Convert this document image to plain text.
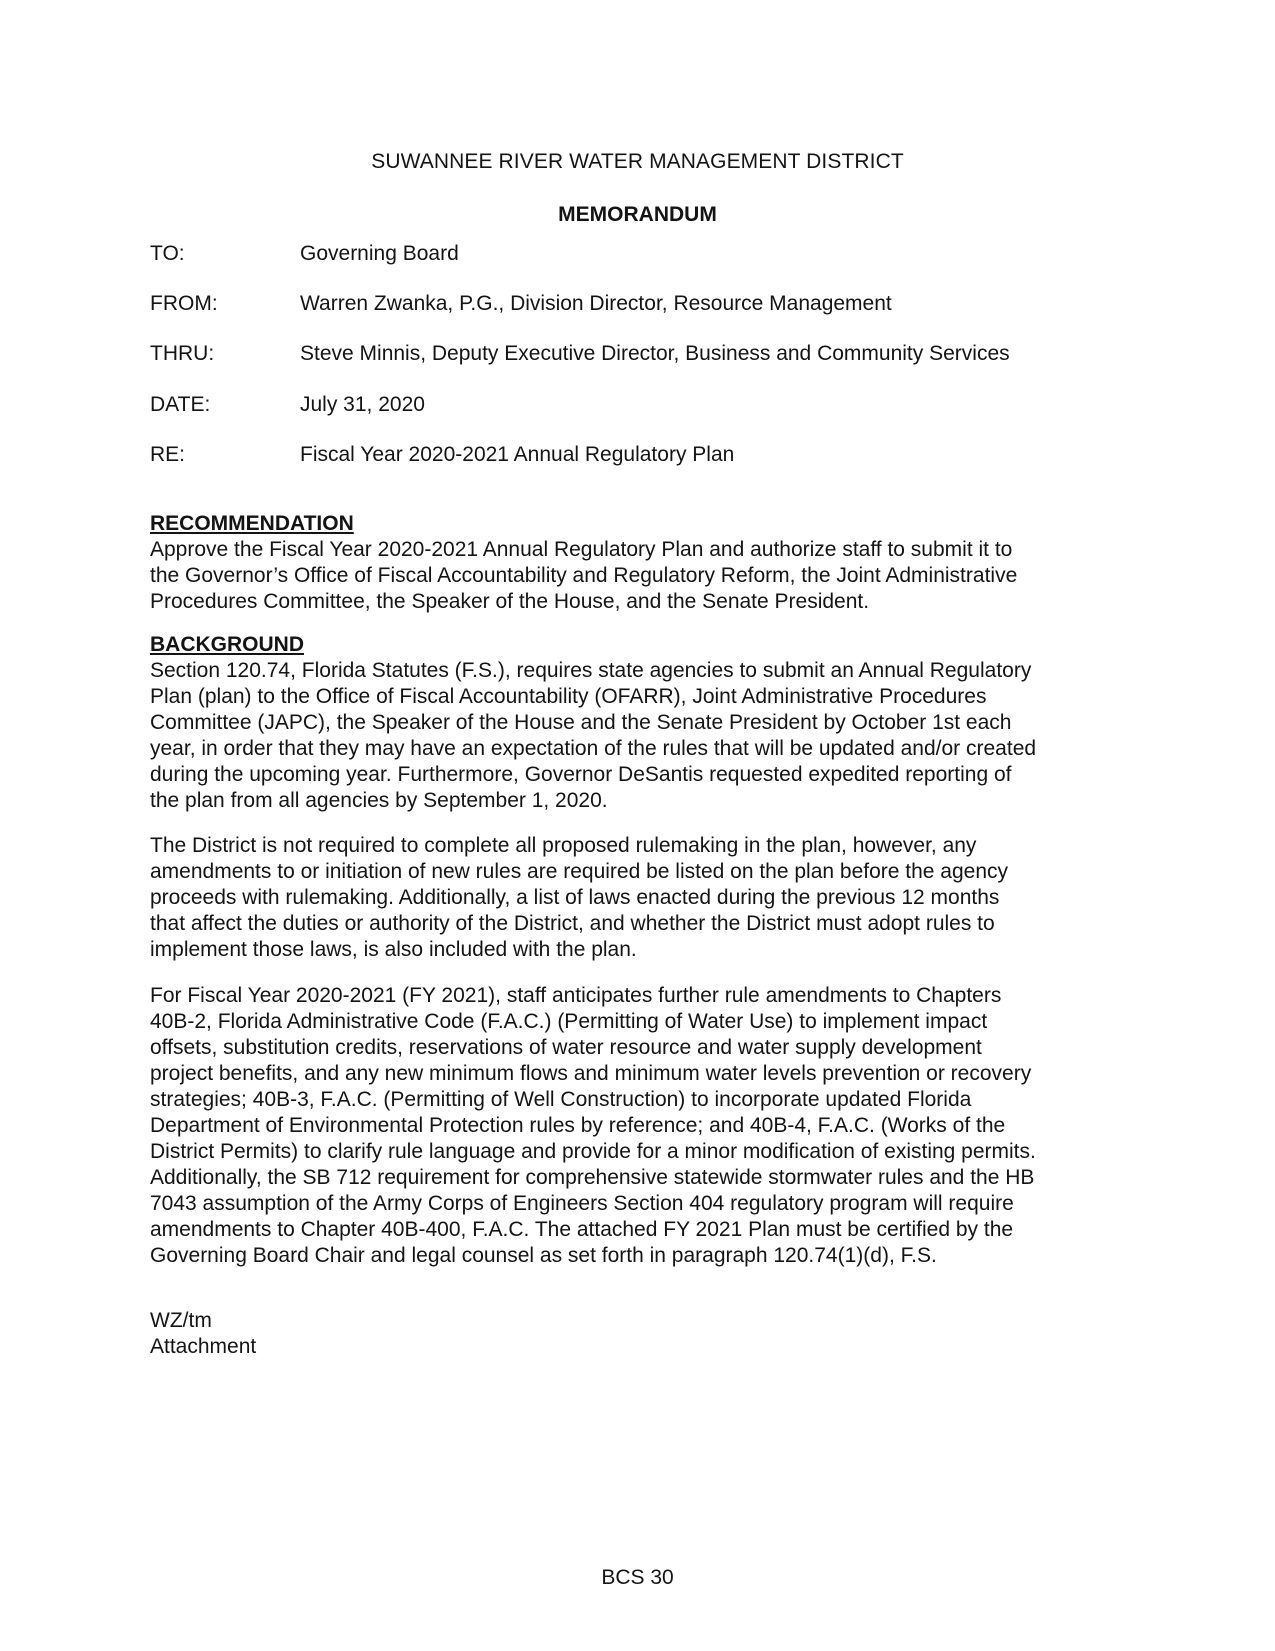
SUWANNEE RIVER WATER MANAGEMENT DISTRICT
MEMORANDUM
TO:	Governing Board
FROM:	Warren Zwanka, P.G., Division Director, Resource Management
THRU:	Steve Minnis, Deputy Executive Director, Business and Community Services
DATE:	July 31, 2020
RE:	Fiscal Year 2020-2021 Annual Regulatory Plan
RECOMMENDATION

Approve the Fiscal Year 2020-2021 Annual Regulatory Plan and authorize staff to submit it to
the Governor’s Office of Fiscal Accountability and Regulatory Reform, the Joint Administrative
Procedures Committee, the Speaker of the House, and the Senate President.

BACKGROUND

Section 120.74, Florida Statutes (F.S.), requires state agencies to submit an Annual Regulatory
Plan (plan) to the Office of Fiscal Accountability (OFARR), Joint Administrative Procedures
Committee (JAPC), the Speaker of the House and the Senate President by October 1st each
year, in order that they may have an expectation of the rules that will be updated and/or created
during the upcoming year. Furthermore, Governor DeSantis requested expedited reporting of
the plan from all agencies by September 1, 2020.

The District is not required to complete all proposed rulemaking in the plan, however, any
amendments to or initiation of new rules are required be listed on the plan before the agency
proceeds with rulemaking. Additionally, a list of laws enacted during the previous 12 months
that affect the duties or authority of the District, and whether the District must adopt rules to
implement those laws, is also included with the plan.

For Fiscal Year 2020-2021 (FY 2021), staff anticipates further rule amendments to Chapters
40B-2, Florida Administrative Code (F.A.C.) (Permitting of Water Use) to implement impact
offsets, substitution credits, reservations of water resource and water supply development
project benefits, and any new minimum flows and minimum water levels prevention or recovery
strategies; 40B-3, F.A.C. (Permitting of Well Construction) to incorporate updated Florida
Department of Environmental Protection rules by reference; and 40B-4, F.A.C. (Works of the
District Permits) to clarify rule language and provide for a minor modification of existing permits.
Additionally, the SB 712 requirement for comprehensive statewide stormwater rules and the HB
7043 assumption of the Army Corps of Engineers Section 404 regulatory program will require
amendments to Chapter 40B-400, F.A.C. The attached FY 2021 Plan must be certified by the
Governing Board Chair and legal counsel as set forth in paragraph 120.74(1)(d), F.S.

WZ/tm
Attachment
BCS 30
